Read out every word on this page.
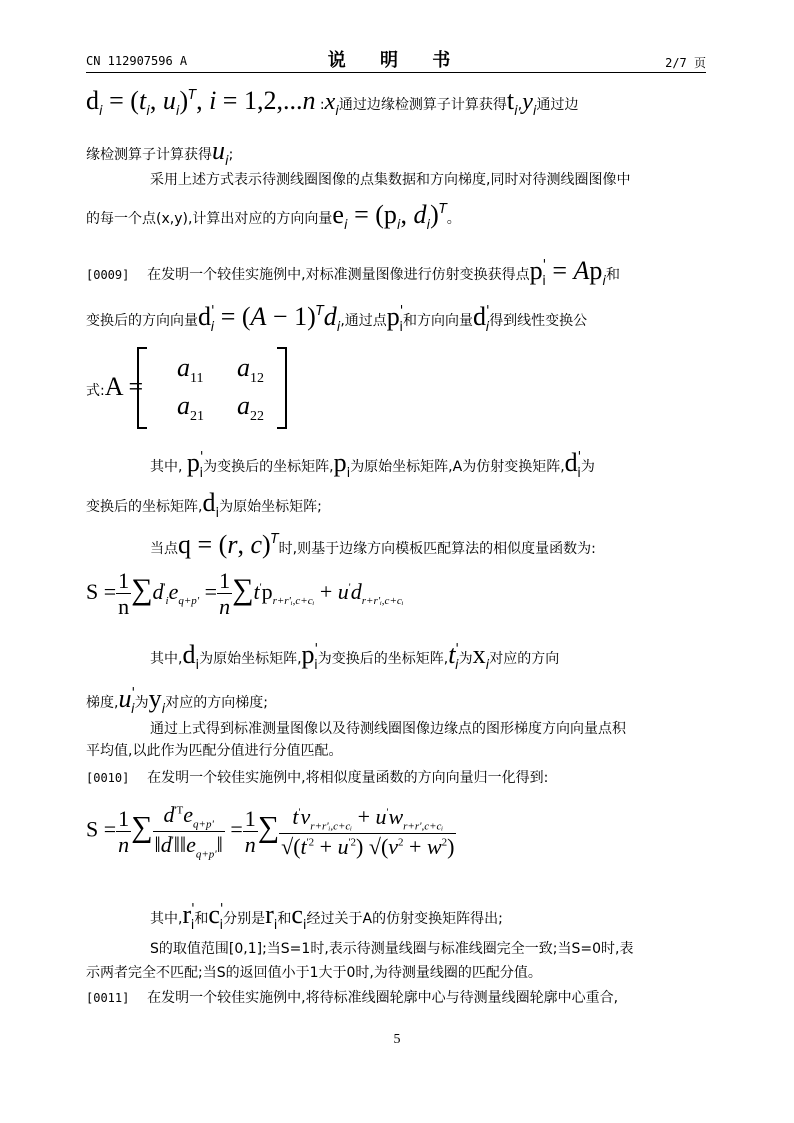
CN 112907596 A	说 明 书	2/7 页
di = (ti, ui)T, i = 1,2,...n :xi通过边缘检测算子计算获得ti,yi通过边
缘检测算子计算获得ui;
采用上述方式表示待测线圈图像的点集数据和方向梯度,同时对待测线圈图像中
的每一个点(x,y),计算出对应的方向向量ei = (pi, di)T。
[0009] 在发明一个较佳实施例中,对标准测量图像进行仿射变换获得点p'i = Api和
变换后的方向向量d'i = (A − 1)Tdi,通过点p'i和方向向量d'i得到线性变换公
式:A =
$a_{11}$ $a_{12}$
$a_{21}$ $a_{22}$
其中, p'i为变换后的坐标矩阵,pi为原始坐标矩阵,A为仿射变换矩阵,d'i为
变换后的坐标矩阵,di为原始坐标矩阵;
当点q = (r, c)T时,则基于边缘方向模板匹配算法的相似度量函数为:
$S = \frac{1}{n} \sum d'_ie_{q+p'} = \frac{1}{n} \sum t'p_{r+r'ᵢ,c+cᵢ} + u'd_{r+r'ᵢ,c+cᵢ}$
其中,di为原始坐标矩阵,p'i为变换后的坐标矩阵,t'i为xi对应的方向
梯度,u'i为yi对应的方向梯度;
通过上式得到标准测量图像以及待测线圈图像边缘点的图形梯度方向向量点积
平均值,以此作为匹配分值进行分值匹配。
[0010] 在发明一个较佳实施例中,将相似度量函数的方向向量归一化得到:
$S = \frac{1}{n}$ ∑ $\frac{d^{'T}e_{q+p'}}{‖d'‖‖e_{q+p'}‖} = \frac{1}{n}$ ∑ $\frac{t'v_{r+r'ᵢ,c+cᵢ} + u'w_{r+r',c+cᵢ}}{√(t^{'2} + u^{'2}) √(v^2 + w^2)}$
其中,r'i和c'i分别是ri和ci经过关于A的仿射变换矩阵得出;
S的取值范围[0,1];当S=1时,表示待测量线圈与标准线圈完全一致;当S=0时,表
示两者完全不匹配;当S的返回值小于1大于0时,为待测量线圈的匹配分值。
[0011] 在发明一个较佳实施例中,将待标准线圈轮廓中心与待测量线圈轮廓中心重合,
5
